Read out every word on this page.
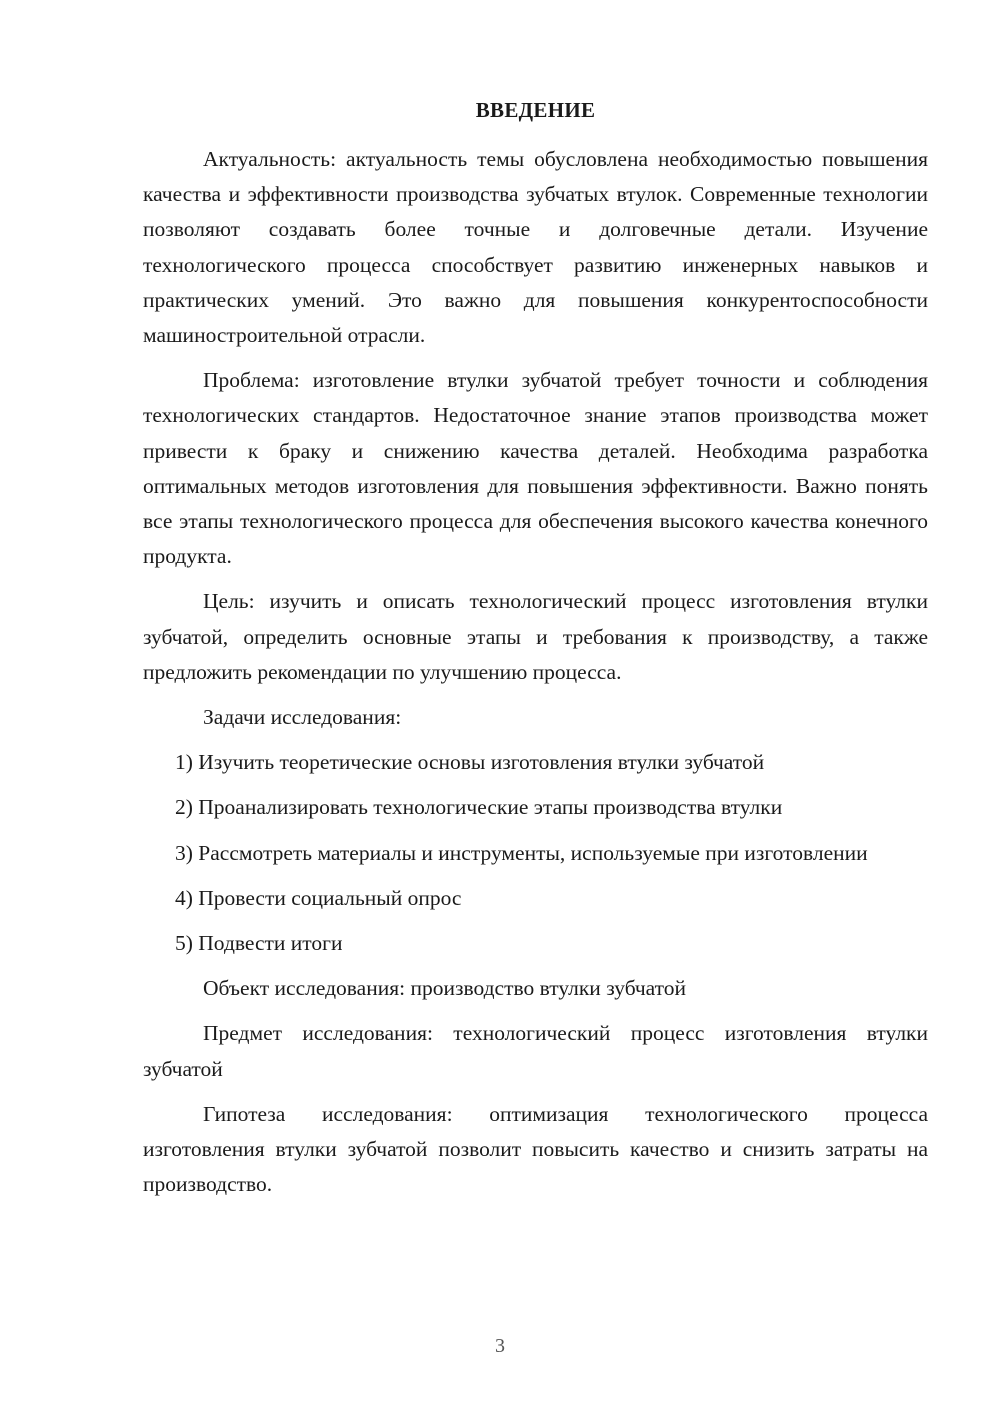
ВВЕДЕНИЕ

Актуальность: актуальность темы обусловлена необходимостью повышения качества и эффективности производства зубчатых втулок. Современные технологии позволяют создавать более точные и долговечные детали. Изучение технологического процесса способствует развитию инженерных навыков и практических умений. Это важно для повышения конкурентоспособности машиностроительной отрасли.

Проблема: изготовление втулки зубчатой требует точности и соблюдения технологических стандартов. Недостаточное знание этапов производства может привести к браку и снижению качества деталей. Необходима разработка оптимальных методов изготовления для повышения эффективности. Важно понять все этапы технологического процесса для обеспечения высокого качества конечного продукта.

Цель: изучить и описать технологический процесс изготовления втулки зубчатой, определить основные этапы и требования к производству, а также предложить рекомендации по улучшению процесса.

Задачи исследования:

1) Изучить теоретические основы изготовления втулки зубчатой

2) Проанализировать технологические этапы производства втулки

3) Рассмотреть материалы и инструменты, используемые при изготовлении

4) Провести социальный опрос

5) Подвести итоги

Объект исследования: производство втулки зубчатой

Предмет исследования: технологический процесс изготовления втулки зубчатой

Гипотеза исследования: оптимизация технологического процесса изготовления втулки зубчатой позволит повысить качество и снизить затраты на производство.

3
